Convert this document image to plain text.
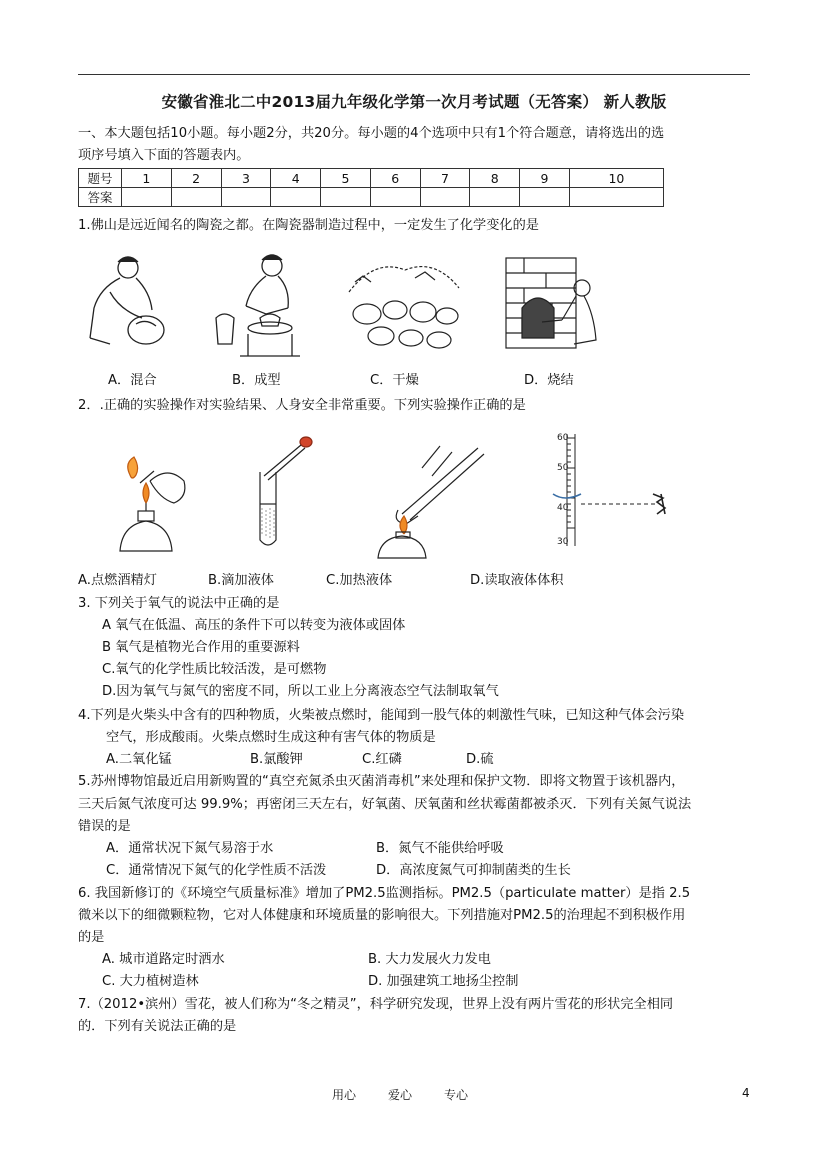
安徽省淮北二中2013届九年级化学第一次月考试题（无答案） 新人教版
一、本大题包括10小题。每小题2分，共20分。每小题的4个选项中只有1个符合题意，请将选出的选
项序号填入下面的答题表内。
题号	1	2	3	4	5	6	7	8	9	10
答案										
1.佛山是远近闻名的陶瓷之都。在陶瓷器制造过程中，一定发生了化学变化的是
A．混合	B．成型	C．干燥	D．烧结
2．.正确的实验操作对实验结果、人身安全非常重要。下列实验操作正确的是
60
50
40
30
A.点燃酒精灯	B.滴加液体	C.加热液体	D.读取液体体积
3. 下列关于氧气的说法中正确的是
A 氧气在低温、高压的条件下可以转变为液体或固体
B 氧气是植物光合作用的重要源料
C.氧气的化学性质比较活泼，是可燃物
D.因为氧气与氮气的密度不同，所以工业上分离液态空气法制取氧气
4.下列是火柴头中含有的四种物质，火柴被点燃时，能闻到一股气体的刺激性气味，已知这种气体会污染
空气，形成酸雨。火柴点燃时生成这种有害气体的物质是
A.二氧化锰	B.氯酸钾	C.红磷	D.硫
5.苏州博物馆最近启用新购置的“真空充氮杀虫灭菌消毒机”来处理和保护文物．即将文物置于该机器内，
三天后氮气浓度可达 99.9%；再密闭三天左右，好氧菌、厌氧菌和丝状霉菌都被杀灭．下列有关氮气说法
错误的是
A．通常状况下氮气易溶于水	B．氮气不能供给呼吸
C．通常情况下氮气的化学性质不活泼	D．高浓度氮气可抑制菌类的生长
6. 我国新修订的《环境空气质量标准》增加了PM2.5监测指标。PM2.5（particulate matter）是指 2.5
微米以下的细微颗粒物，它对人体健康和环境质量的影响很大。下列措施对PM2.5的治理起不到积极作用
的是
A. 城市道路定时洒水	B. 大力发展火力发电
C. 大力植树造林	D. 加强建筑工地扬尘控制
7.（2012•滨州）雪花，被人们称为“冬之精灵”，科学研究发现，世界上没有两片雪花的形状完全相同
的．下列有关说法正确的是
用心	爱心	专心	4
